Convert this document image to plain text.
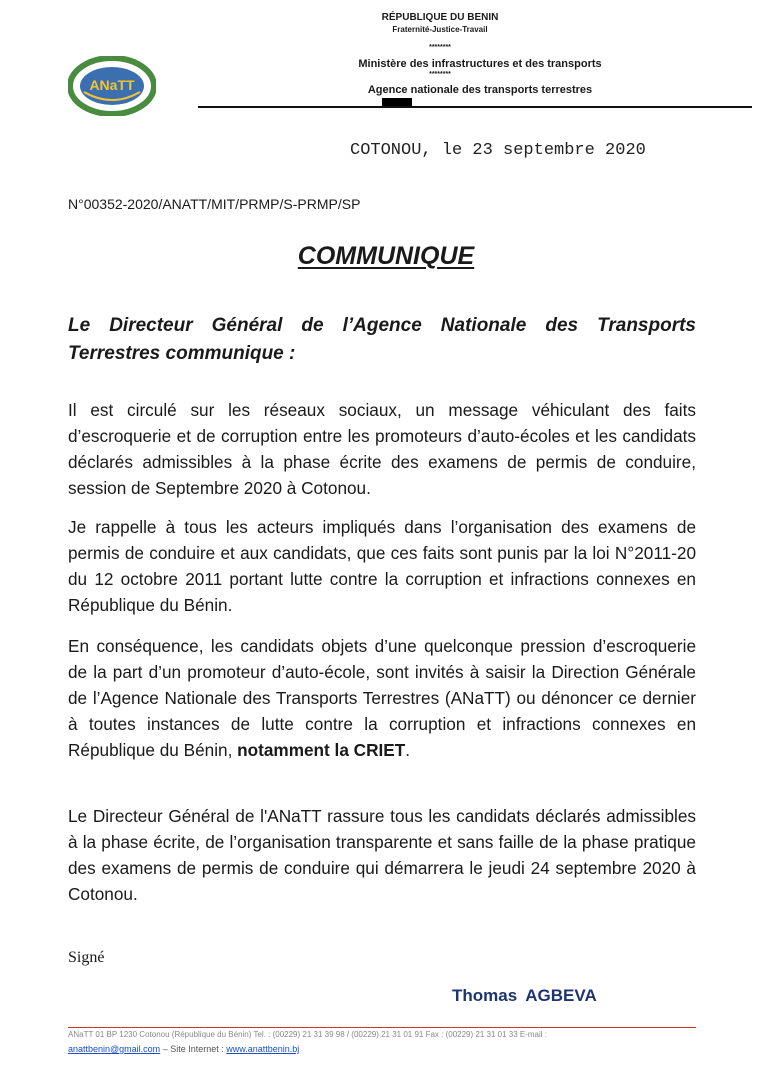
RÉPUBLIQUE DU BENIN
Fraternité-Justice-Travail
********
Ministère des infrastructures et des transports
********
Agence nationale des transports terrestres
ANaTT
COTONOU, le 23 septembre 2020
N°00352-2020/ANATT/MIT/PRMP/S-PRMP/SP
COMMUNIQUE
Le Directeur Général de l’Agence Nationale des Transports Terrestres communique :

Il est circulé sur les réseaux sociaux, un message véhiculant des faits d’escroquerie et de corruption entre les promoteurs d’auto-écoles et les candidats déclarés admissibles à la phase écrite des examens de permis de conduire, session de Septembre 2020 à Cotonou.

Je rappelle à tous les acteurs impliqués dans l’organisation des examens de permis de conduire et aux candidats, que ces faits sont punis par la loi N°2011-20 du 12 octobre 2011 portant lutte contre la corruption et infractions connexes en République du Bénin.

En conséquence, les candidats objets d’une quelconque pression d’escroquerie de la part d’un promoteur d’auto-école, sont invités à saisir la Direction Générale de l’Agence Nationale des Transports Terrestres (ANaTT) ou dénoncer ce dernier à toutes instances de lutte contre la corruption et infractions connexes en République du Bénin, notamment la CRIET.

Le Directeur Général de l'ANaTT rassure tous les candidats déclarés admissibles à la phase écrite, de l’organisation transparente et sans faille de la phase pratique des examens de permis de conduire qui démarrera le jeudi 24 septembre 2020 à Cotonou.

Signé
Thomas AGBEVA
ANaTT 01 BP 1230 Cotonou (République du Bénin) Tel. : (00229) 21 31 39 98 / (00229) 21 31 01 91 Fax : (00229) 21 31 01 33 E-mail :
anattbenin@gmail.com – Site Internet : www.anattbenin.bj
